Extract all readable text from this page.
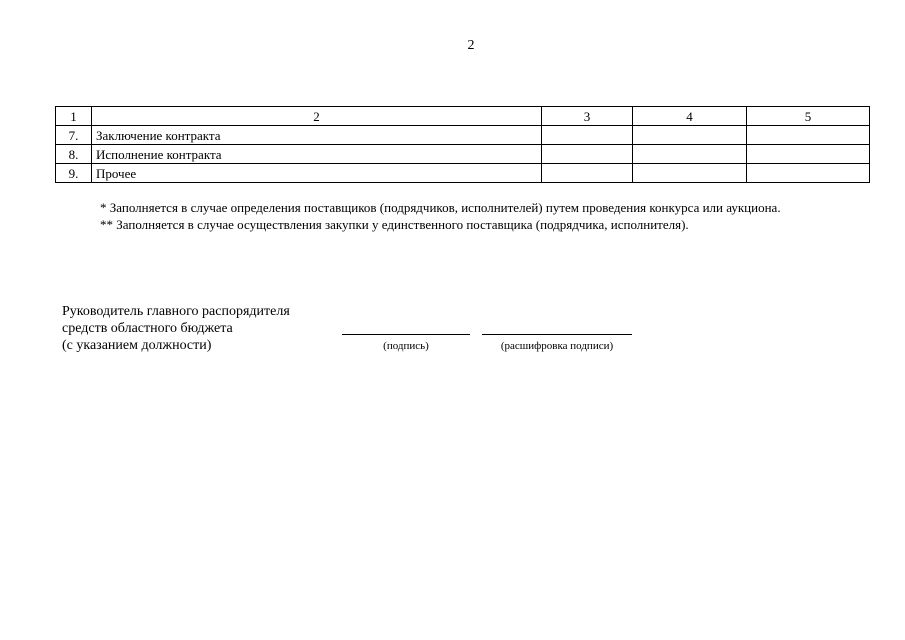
2
1	2	3	4	5
7.	Заключение контракта			
8.	Исполнение контракта			
9.	Прочее			

* Заполняется в случае определения поставщиков (подрядчиков, исполнителей) путем проведения конкурса или аукциона.

** Заполняется в случае осуществления закупки у единственного поставщика (подрядчика, исполнителя).

Руководитель главного распорядителя
средств областного бюджета
(с указанием должности)	(подпись)	(расшифровка подписи)
